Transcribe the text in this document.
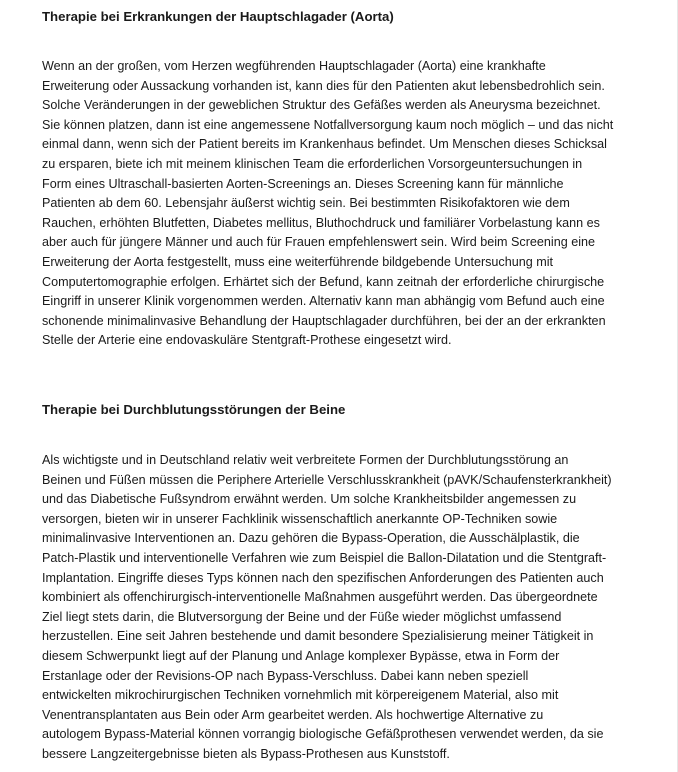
Therapie bei Erkrankungen der Hauptschlagader (Aorta)

Wenn an der großen, vom Herzen wegführenden Hauptschlagader (Aorta) eine krankhafte
Erweiterung oder Aussackung vorhanden ist, kann dies für den Patienten akut lebensbedrohlich sein.
Solche Veränderungen in der geweblichen Struktur des Gefäßes werden als Aneurysma bezeichnet.
Sie können platzen, dann ist eine angemessene Notfallversorgung kaum noch möglich – und das nicht
einmal dann, wenn sich der Patient bereits im Krankenhaus befindet. Um Menschen dieses Schicksal
zu ersparen, biete ich mit meinem klinischen Team die erforderlichen Vorsorgeuntersuchungen in
Form eines Ultraschall-basierten Aorten-Screenings an. Dieses Screening kann für männliche
Patienten ab dem 60. Lebensjahr äußerst wichtig sein. Bei bestimmten Risikofaktoren wie dem
Rauchen, erhöhten Blutfetten, Diabetes mellitus, Bluthochdruck und familiärer Vorbelastung kann es
aber auch für jüngere Männer und auch für Frauen empfehlenswert sein. Wird beim Screening eine
Erweiterung der Aorta festgestellt, muss eine weiterführende bildgebende Untersuchung mit
Computertomographie erfolgen. Erhärtet sich der Befund, kann zeitnah der erforderliche chirurgische
Eingriff in unserer Klinik vorgenommen werden. Alternativ kann man abhängig vom Befund auch eine
schonende minimalinvasive Behandlung der Hauptschlagader durchführen, bei der an der erkrankten
Stelle der Arterie eine endovaskuläre Stentgraft-Prothese eingesetzt wird.

Therapie bei Durchblutungsstörungen der Beine

Als wichtigste und in Deutschland relativ weit verbreitete Formen der Durchblutungsstörung an
Beinen und Füßen müssen die Periphere Arterielle Verschlusskrankheit (pAVK/Schaufensterkrankheit)
und das Diabetische Fußsyndrom erwähnt werden. Um solche Krankheitsbilder angemessen zu
versorgen, bieten wir in unserer Fachklinik wissenschaftlich anerkannte OP-Techniken sowie
minimalinvasive Interventionen an. Dazu gehören die Bypass-Operation, die Ausschälplastik, die
Patch-Plastik und interventionelle Verfahren wie zum Beispiel die Ballon-Dilatation und die Stentgraft-
Implantation. Eingriffe dieses Typs können nach den spezifischen Anforderungen des Patienten auch
kombiniert als offenchirurgisch-interventionelle Maßnahmen ausgeführt werden. Das übergeordnete
Ziel liegt stets darin, die Blutversorgung der Beine und der Füße wieder möglichst umfassend
herzustellen. Eine seit Jahren bestehende und damit besondere Spezialisierung meiner Tätigkeit in
diesem Schwerpunkt liegt auf der Planung und Anlage komplexer Bypässe, etwa in Form der
Erstanlage oder der Revisions-OP nach Bypass-Verschluss. Dabei kann neben speziell
entwickelten mikrochirurgischen Techniken vornehmlich mit körpereigenem Material, also mit
Venentransplantaten aus Bein oder Arm gearbeitet werden. Als hochwertige Alternative zu
autologem Bypass-Material können vorrangig biologische Gefäßprothesen verwendet werden, da sie
bessere Langzeitergebnisse bieten als Bypass-Prothesen aus Kunststoff.
